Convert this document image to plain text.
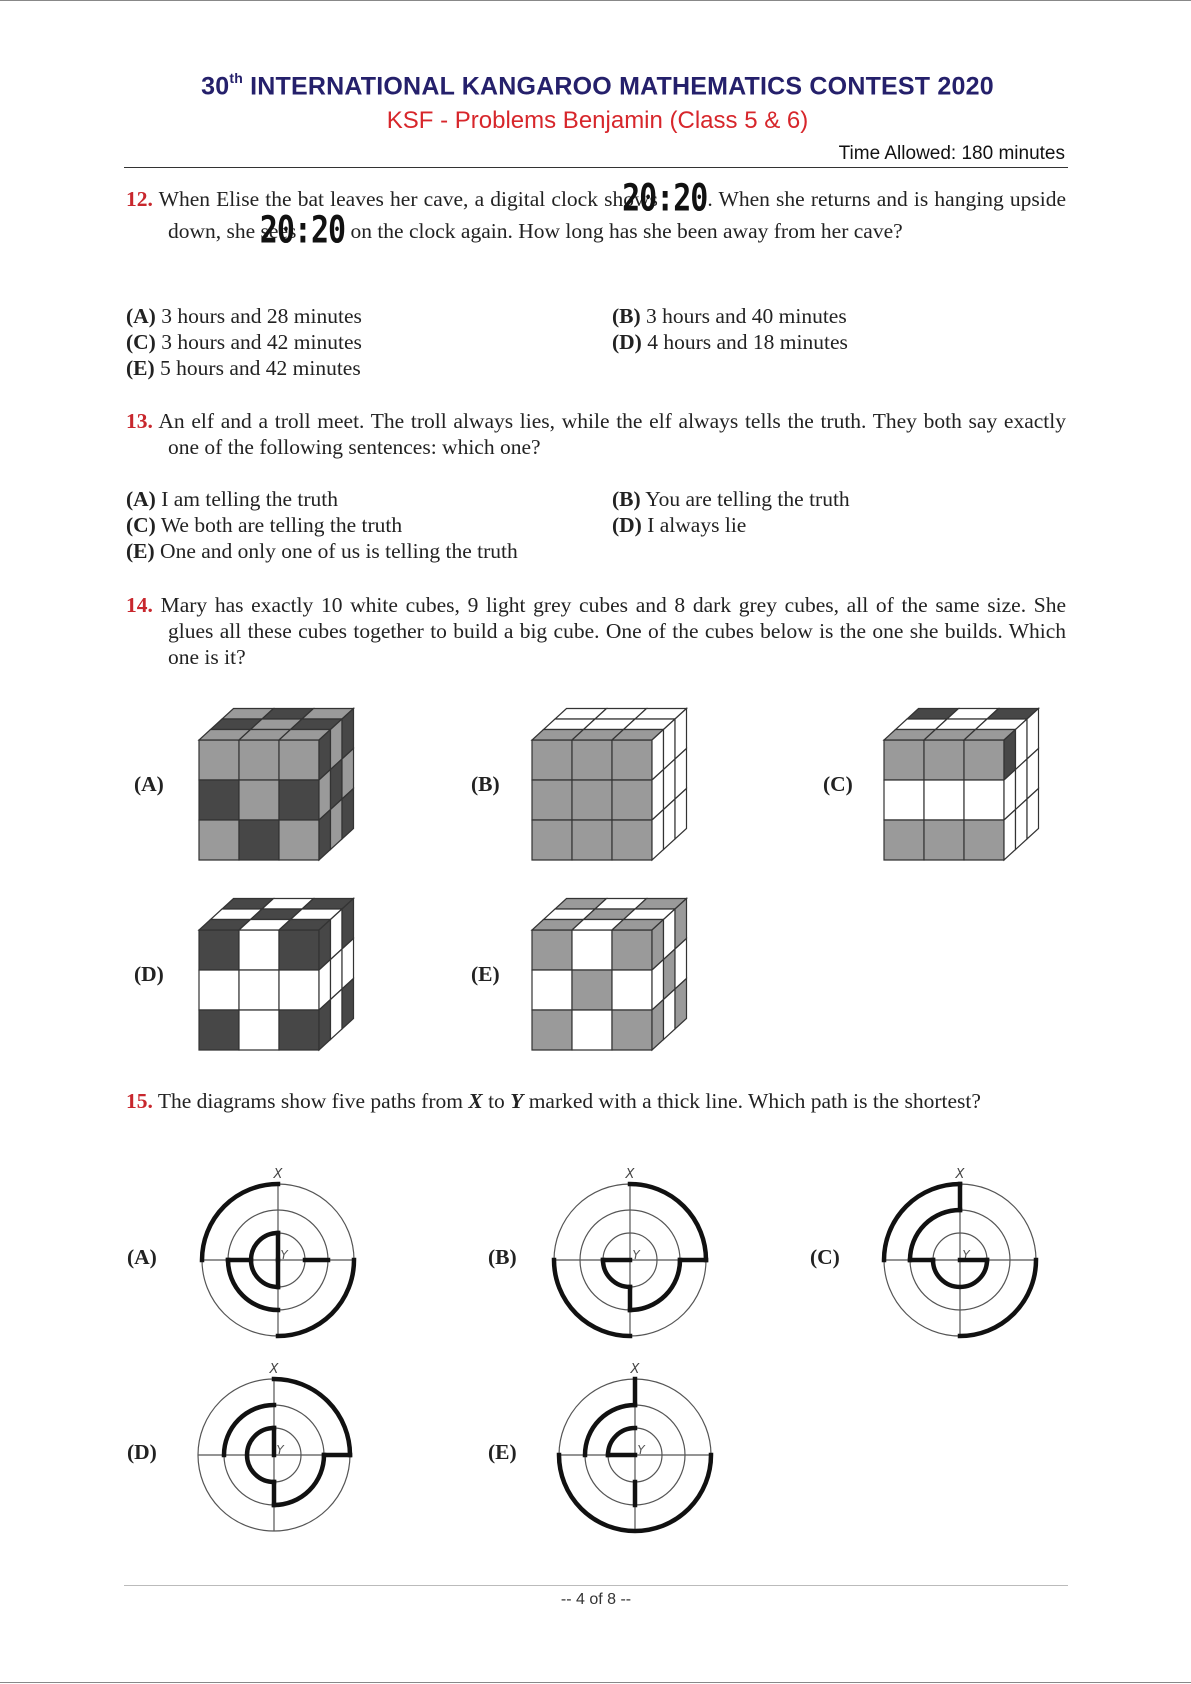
30th INTERNATIONAL KANGAROO MATHEMATICS CONTEST 2020
KSF - Problems Benjamin (Class 5 & 6)
Time Allowed: 180 minutes
12. When Elise the bat leaves her cave, a digital clock shows 20:20. When she returns and is hanging upside down, she sees 20:20 on the clock again. How long has she been away from her cave?
(A) 3 hours and 28 minutes	(B) 3 hours and 40 minutes
(C) 3 hours and 42 minutes	(D) 4 hours and 18 minutes
(E) 5 hours and 42 minutes
13. An elf and a troll meet. The troll always lies, while the elf always tells the truth. They both say exactly one of the following sentences: which one?
(A) I am telling the truth	(B) You are telling the truth
(C) We both are telling the truth	(D) I always lie
(E) One and only one of us is telling the truth
14. Mary has exactly 10 white cubes, 9 light grey cubes and 8 dark grey cubes, all of the same size. She glues all these cubes together to build a big cube. One of the cubes below is the one she builds. Which one is it?
(A)	(B)	(C)
(D)	(E)
15. The diagrams show five paths from X to Y marked with a thick line. Which path is the shortest?
(A)	(B)	(C)
(D)	(E)
X
Y
X
Y
X
Y
X
Y
X
Y
-- 4 of 8 --
